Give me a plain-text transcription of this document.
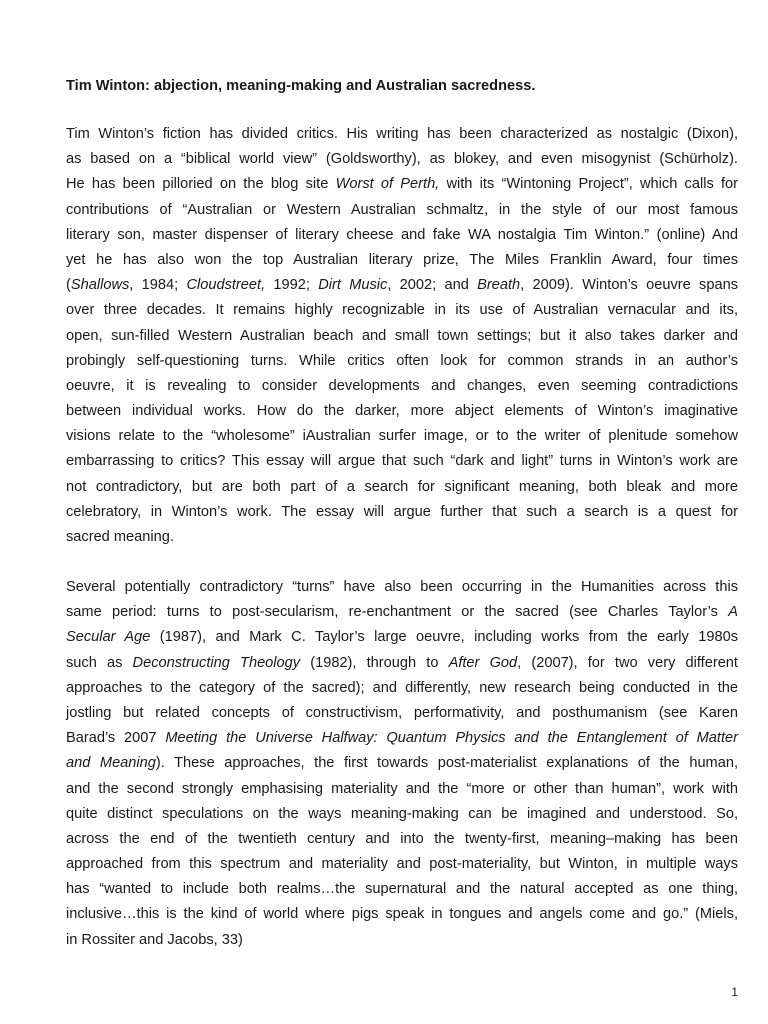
Tim Winton: abjection, meaning-making and Australian sacredness.
Tim Winton’s fiction has divided critics. His writing has been characterized as nostalgic (Dixon),
as based on a “biblical world view” (Goldsworthy), as blokey, and even misogynist (Schürholz).
He has been pilloried on the blog site Worst of Perth, with its “Wintoning Project”, which calls for
contributions of “Australian or Western Australian schmaltz, in the style of our most famous
literary son, master dispenser of literary cheese and fake WA nostalgia Tim Winton.” (online) And
yet he has also won the top Australian literary prize, The Miles Franklin Award, four times
(Shallows, 1984; Cloudstreet, 1992; Dirt Music, 2002; and Breath, 2009). Winton’s oeuvre spans
over three decades. It remains highly recognizable in its use of Australian vernacular and its,
open, sun-filled Western Australian beach and small town settings; but it also takes darker and
probingly self-questioning turns. While critics often look for common strands in an author’s
oeuvre, it is revealing to consider developments and changes, even seeming contradictions
between individual works. How do the darker, more abject elements of Winton’s imaginative
visions relate to the “wholesome” iAustralian surfer image, or to the writer of plenitude somehow
embarrassing to critics? This essay will argue that such “dark and light” turns in Winton’s work are
not contradictory, but are both part of a search for significant meaning, both bleak and more
celebratory, in Winton’s work. The essay will argue further that such a search is a quest for
sacred meaning.
Several potentially contradictory “turns” have also been occurring in the Humanities across this
same period: turns to post-secularism, re-enchantment or the sacred (see Charles Taylor’s A
Secular Age (1987), and Mark C. Taylor’s large oeuvre, including works from the early 1980s
such as Deconstructing Theology (1982), through to After God, (2007), for two very different
approaches to the category of the sacred); and differently, new research being conducted in the
jostling but related concepts of constructivism, performativity, and posthumanism (see Karen
Barad’s 2007 Meeting the Universe Halfway: Quantum Physics and the Entanglement of Matter
and Meaning). These approaches, the first towards post-materialist explanations of the human,
and the second strongly emphasising materiality and the “more or other than human”, work with
quite distinct speculations on the ways meaning-making can be imagined and understood. So,
across the end of the twentieth century and into the twenty-first, meaning–making has been
approached from this spectrum and materiality and post-materiality, but Winton, in multiple ways
has “wanted to include both realms…the supernatural and the natural accepted as one thing,
inclusive…this is the kind of world where pigs speak in tongues and angels come and go.” (Miels,
in Rossiter and Jacobs, 33)
1
